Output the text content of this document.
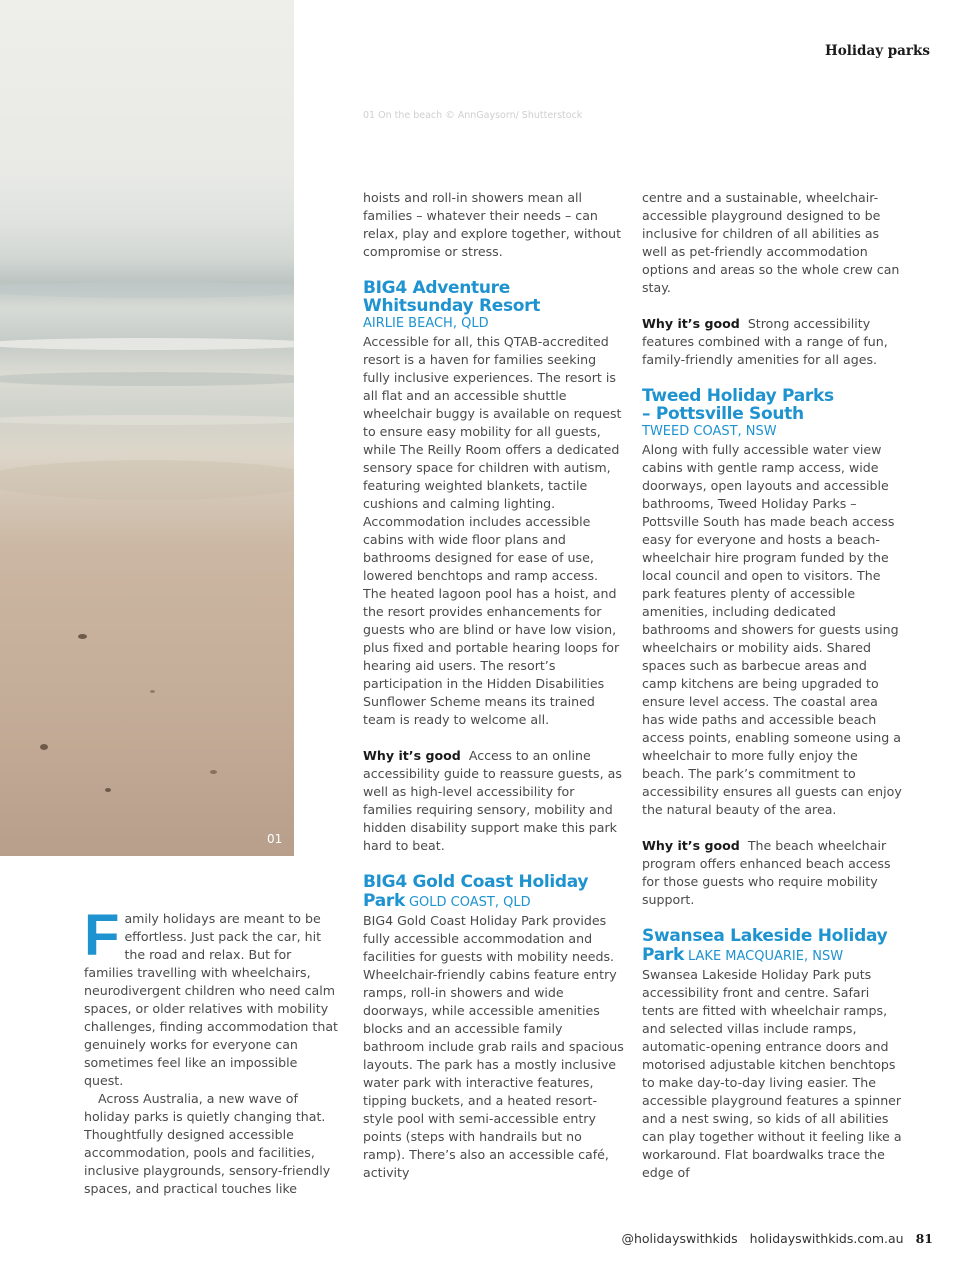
01
Holiday parks
01 On the beach © AnnGaysorn/ Shutterstock

Family holidays are meant to be effortless. Just pack the car, hit the road and relax. But for families travelling with wheelchairs, neurodivergent children who need calm spaces, or older relatives with mobility challenges, finding accommodation that genuinely works for everyone can sometimes feel like an impossible quest.

Across Australia, a new wave of holiday parks is quietly changing that. Thoughtfully designed accessible accommodation, pools and facilities, inclusive playgrounds, sensory-friendly spaces, and practical touches like

hoists and roll-in showers mean all families – whatever their needs – can relax, play and explore together, without compromise or stress.

BIG4 Adventure Whitsunday Resort
AIRLIE BEACH, QLD

Accessible for all, this QTAB-accredited resort is a haven for families seeking fully inclusive experiences. The resort is all flat and an accessible shuttle wheelchair buggy is available on request to ensure easy mobility for all guests, while The Reilly Room offers a dedicated sensory space for children with autism, featuring weighted blankets, tactile cushions and calming lighting. Accommodation includes accessible cabins with wide floor plans and bathrooms designed for ease of use, lowered benchtops and ramp access. The heated lagoon pool has a hoist, and the resort provides enhancements for guests who are blind or have low vision, plus fixed and portable hearing loops for hearing aid users. The resort’s participation in the Hidden Disabilities Sunflower Scheme means its trained team is ready to welcome all.

Why it’s good Access to an online accessibility guide to reassure guests, as well as high-level accessibility for families requiring sensory, mobility and hidden disability support make this park hard to beat.

BIG4 Gold Coast Holiday Park GOLD COAST, QLD

BIG4 Gold Coast Holiday Park provides fully accessible accommodation and facilities for guests with mobility needs. Wheelchair-friendly cabins feature entry ramps, roll-in showers and wide doorways, while accessible amenities blocks and an accessible family bathroom include grab rails and spacious layouts. The park has a mostly inclusive water park with interactive features, tipping buckets, and a heated resort-style pool with semi-accessible entry points (steps with handrails but no ramp). There’s also an accessible café, activity

centre and a sustainable, wheelchair-accessible playground designed to be inclusive for children of all abilities as well as pet-friendly accommodation options and areas so the whole crew can stay.

Why it’s good Strong accessibility features combined with a range of fun, family-friendly amenities for all ages.

Tweed Holiday Parks – Pottsville South
TWEED COAST, NSW

Along with fully accessible water view cabins with gentle ramp access, wide doorways, open layouts and accessible bathrooms, Tweed Holiday Parks – Pottsville South has made beach access easy for everyone and hosts a beach-wheelchair hire program funded by the local council and open to visitors. The park features plenty of accessible amenities, including dedicated bathrooms and showers for guests using wheelchairs or mobility aids. Shared spaces such as barbecue areas and camp kitchens are being upgraded to ensure level access. The coastal area has wide paths and accessible beach access points, enabling someone using a wheelchair to more fully enjoy the beach. The park’s commitment to accessibility ensures all guests can enjoy the natural beauty of the area.

Why it’s good The beach wheelchair program offers enhanced beach access for those guests who require mobility support.

Swansea Lakeside Holiday Park LAKE MACQUARIE, NSW

Swansea Lakeside Holiday Park puts accessibility front and centre. Safari tents are fitted with wheelchair ramps, and selected villas include ramps, automatic-opening entrance doors and motorised adjustable kitchen benchtops to make day-to-day living easier. The accessible playground features a spinner and a nest swing, so kids of all abilities can play together without it feeling like a workaround. Flat boardwalks trace the edge of

@holidayswithkids holidayswithkids.com.au 81
